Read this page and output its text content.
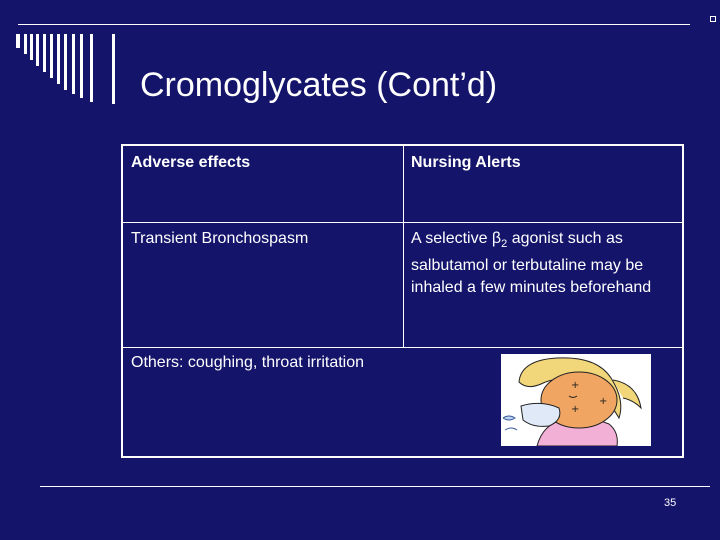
Cromoglycates (Cont’d)
Adverse effects	Nursing Alerts
Transient Bronchospasm	A selective $\beta_2$ agonist such as salbutamol or terbutaline may be inhaled a few minutes beforehand
Others: coughing, throat irritation
+
+
+
35
